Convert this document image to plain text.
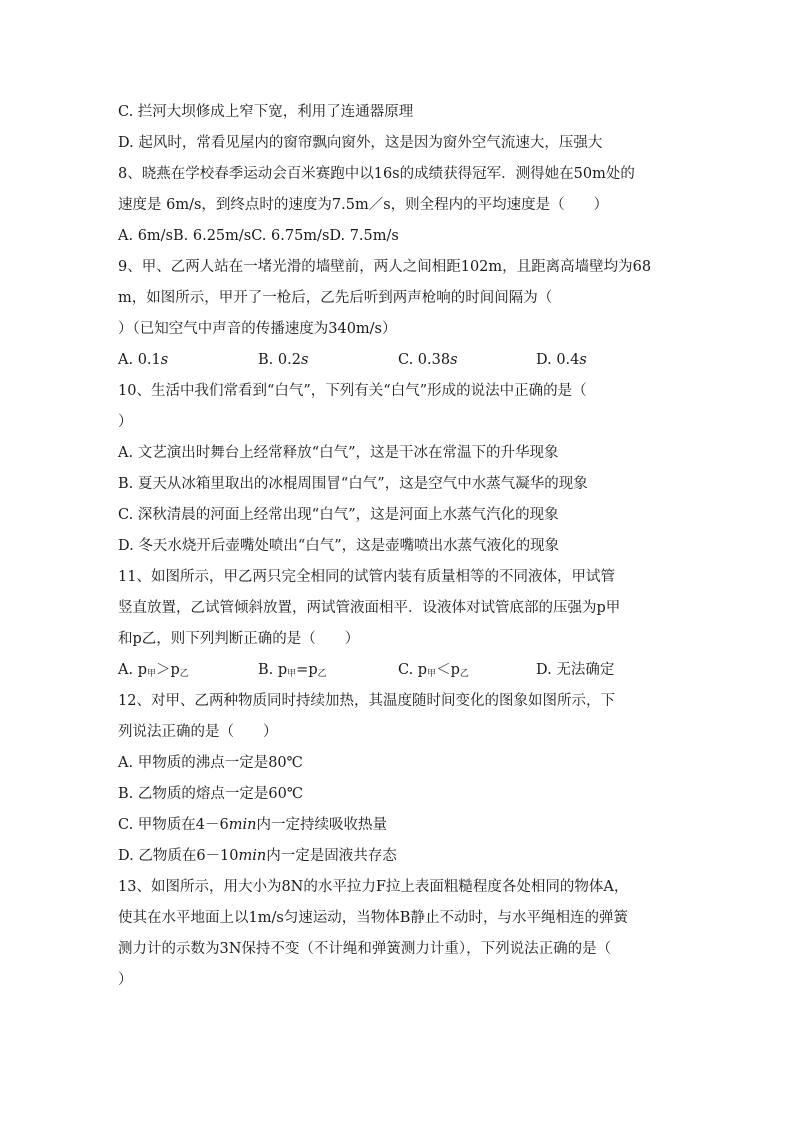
C. 拦河大坝修成上窄下宽，利用了连通器原理
D. 起风时，常看见屋内的窗帘飘向窗外，这是因为窗外空气流速大，压强大
8、晓燕在学校春季运动会百米赛跑中以16s的成绩获得冠军．测得她在50m处的
速度是 6m/s，到终点时的速度为7.5m／s，则全程内的平均速度是（　　）
A. 6m/sB. 6.25m/sC. 6.75m/sD. 7.5m/s
9、甲、乙两人站在一堵光滑的墙壁前，两人之间相距102m，且距离高墙壁均为68
m，如图所示，甲开了一枪后，乙先后听到两声枪响的时间间隔为（
）（已知空气中声音的传播速度为340m/s）
A. 0.1s	B. 0.2s	C. 0.38s	D. 0.4s
10、生活中我们常看到“白气”，下列有关“白气”形成的说法中正确的是（
）
A. 文艺演出时舞台上经常释放“白气”，这是干冰在常温下的升华现象
B. 夏天从冰箱里取出的冰棍周围冒“白气”，这是空气中水蒸气凝华的现象
C. 深秋清晨的河面上经常出现“白气”，这是河面上水蒸气汽化的现象
D. 冬天水烧开后壶嘴处喷出“白气”，这是壶嘴喷出水蒸气液化的现象
11、如图所示，甲乙两只完全相同的试管内装有质量相等的不同液体，甲试管
竖直放置，乙试管倾斜放置，两试管液面相平．设液体对试管底部的压强为p甲
和p乙，则下列判断正确的是（　　）
A. $p_甲>p_乙$	B. $p_甲=p_乙$	C. $p_甲<p_乙$	D. 无法确定
12、对甲、乙两种物质同时持续加热，其温度随时间变化的图象如图所示，下
列说法正确的是（　　）
A. 甲物质的沸点一定是80℃
B. 乙物质的熔点一定是60℃
C. 甲物质在4－6min内一定持续吸收热量
D. 乙物质在6－10min内一定是固液共存态
13、如图所示，用大小为8N的水平拉力F拉上表面粗糙程度各处相同的物体A，
使其在水平地面上以1m/s匀速运动，当物体B静止不动时，与水平绳相连的弹簧
测力计的示数为3N保持不变（不计绳和弹簧测力计重），下列说法正确的是（
）
